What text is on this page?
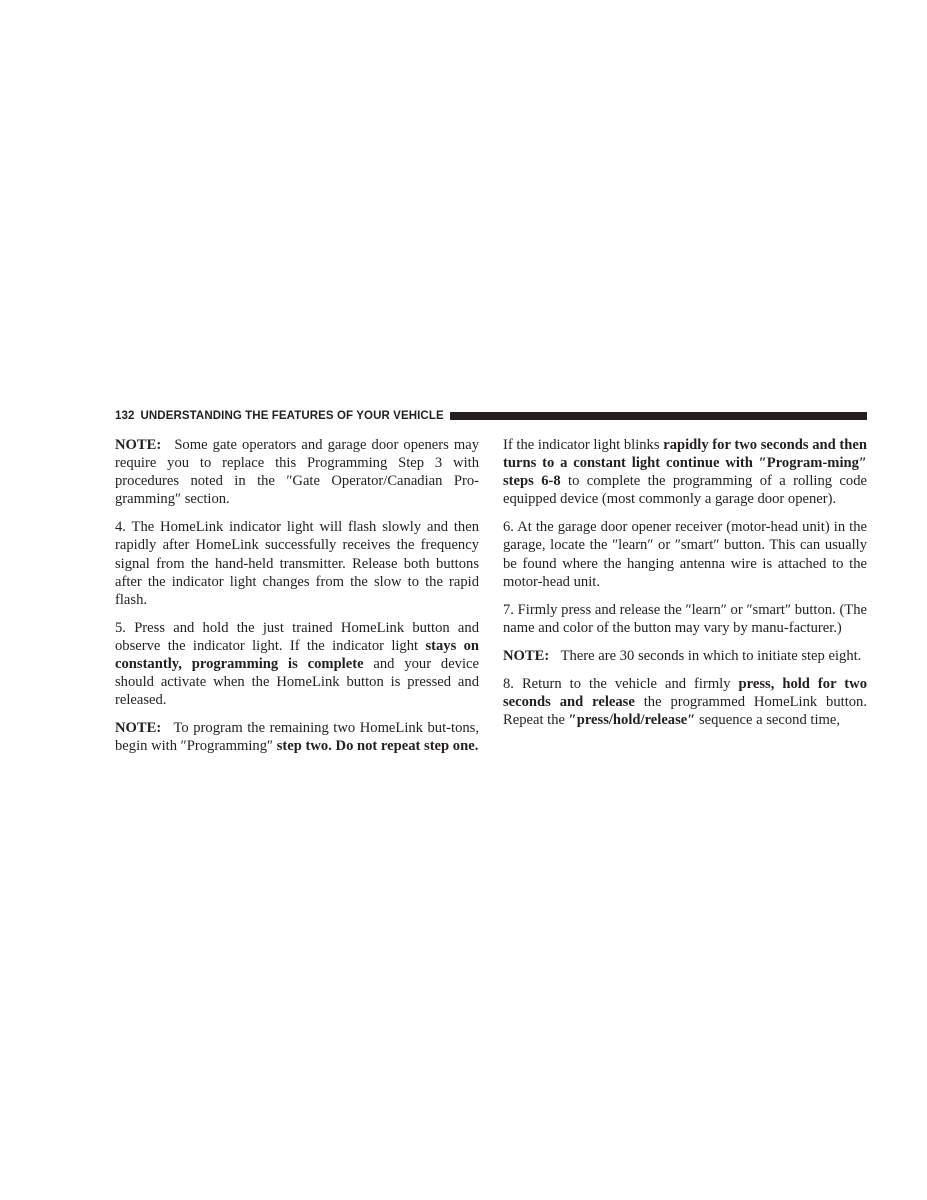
132 UNDERSTANDING THE FEATURES OF YOUR VEHICLE

NOTE: Some gate operators and garage door openers may require you to replace this Programming Step 3 with procedures noted in the ″Gate Operator/Canadian Pro-gramming″ section.

4. The HomeLink indicator light will flash slowly and then rapidly after HomeLink successfully receives the frequency signal from the hand-held transmitter. Release both buttons after the indicator light changes from the slow to the rapid flash.

5. Press and hold the just trained HomeLink button and observe the indicator light. If the indicator light stays on constantly, programming is complete and your device should activate when the HomeLink button is pressed and released.

NOTE: To program the remaining two HomeLink but-tons, begin with ″Programming″ step two. Do not repeat step one.

If the indicator light blinks rapidly for two seconds and then turns to a constant light continue with ″Program-ming″ steps 6-8 to complete the programming of a rolling code equipped device (most commonly a garage door opener).

6. At the garage door opener receiver (motor-head unit) in the garage, locate the ″learn″ or ″smart″ button. This can usually be found where the hanging antenna wire is attached to the motor-head unit.

7. Firmly press and release the ″learn″ or ″smart″ button. (The name and color of the button may vary by manu-facturer.)

NOTE: There are 30 seconds in which to initiate step eight.

8. Return to the vehicle and firmly press, hold for two seconds and release the programmed HomeLink button. Repeat the ″press/hold/release″ sequence a second time,
